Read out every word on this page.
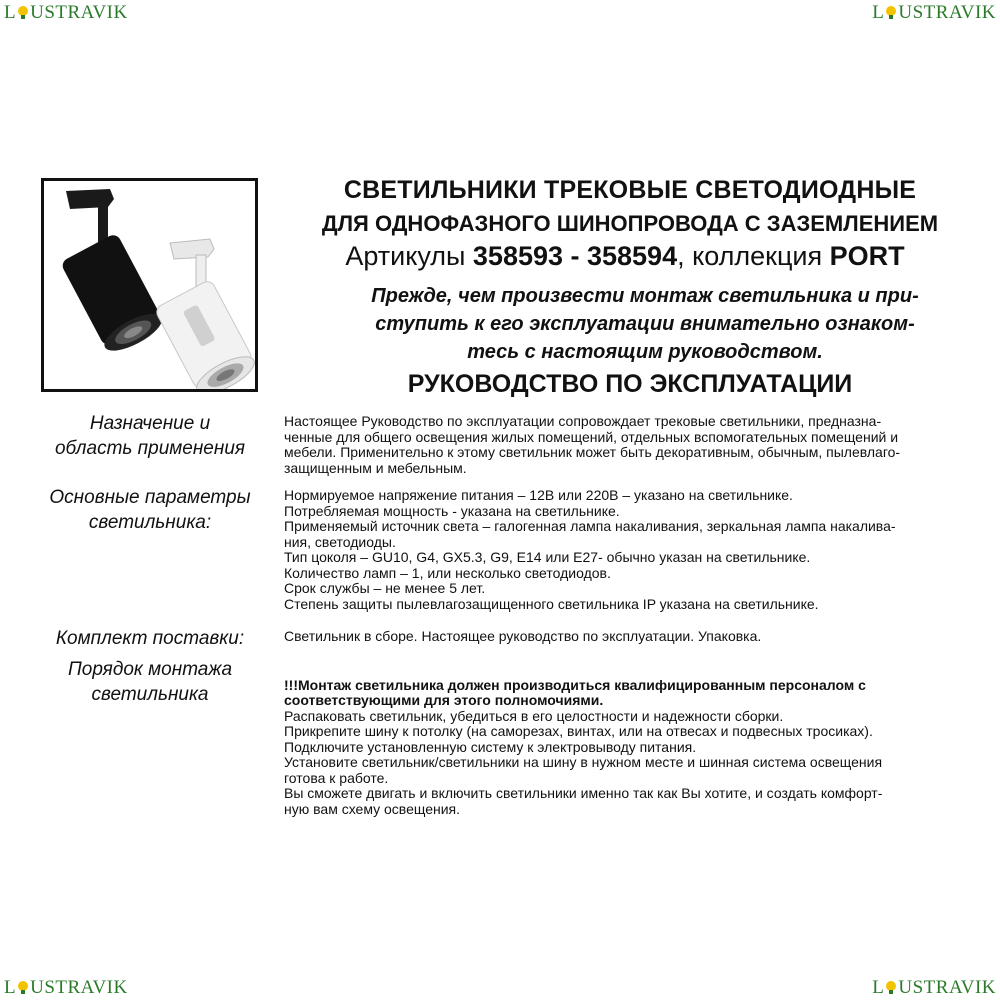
L USTRAVIK	L USTRAVIK
L USTRAVIK	L USTRAVIK
СВЕТИЛЬНИКИ ТРЕКОВЫЕ СВЕТОДИОДНЫЕ
ДЛЯ ОДНОФАЗНОГО ШИНОПРОВОДА С ЗАЗЕМЛЕНИЕМ
Артикулы 358593 - 358594, коллекция PORT
Прежде, чем произвести монтаж светильника и при-
ступить к его эксплуатации внимательно ознаком-
тесь с настоящим руководством.
РУКОВОДСТВО ПО ЭКСПЛУАТАЦИИ
Назначение и
область применения
Основные параметры
светильника:
Комплект поставки:
Порядок монтажа
светильника
Настоящее Руководство по эксплуатации сопровождает трековые светильники, предназна-
ченные для общего освещения жилых помещений, отдельных вспомогательных помещений и
мебели. Применительно к этому светильник может быть декоративным, обычным, пылевлаго-
защищенным и мебельным.
Нормируемое напряжение питания – 12В или 220В – указано на светильнике.
Потребляемая мощность - указана на светильнике.
Применяемый источник света – галогенная лампа накаливания, зеркальная лампа накалива-
ния, светодиоды.
Тип цоколя – GU10, G4, GX5.3, G9, E14 или E27- обычно указан на светильнике.
Количество ламп – 1, или несколько светодиодов.
Срок службы – не менее 5 лет.
Степень защиты пылевлагозащищенного светильника IP указана на светильнике.
Светильник в сборе. Настоящее руководство по эксплуатации. Упаковка.

!!!Монтаж светильника должен производиться квалифицированным персоналом с
соответствующими для этого полномочиями.
Распаковать светильник, убедиться в его целостности и надежности сборки.
Прикрепите шину к потолку (на саморезах, винтах, или на отвесах и подвесных тросиках).
Подключите установленную систему к электровыводу питания.
Установите светильник/светильники на шину в нужном месте и шинная система освещения
готова к работе.
Вы сможете двигать и включить светильники именно так как Вы хотите, и создать комфорт-
ную вам схему освещения.
